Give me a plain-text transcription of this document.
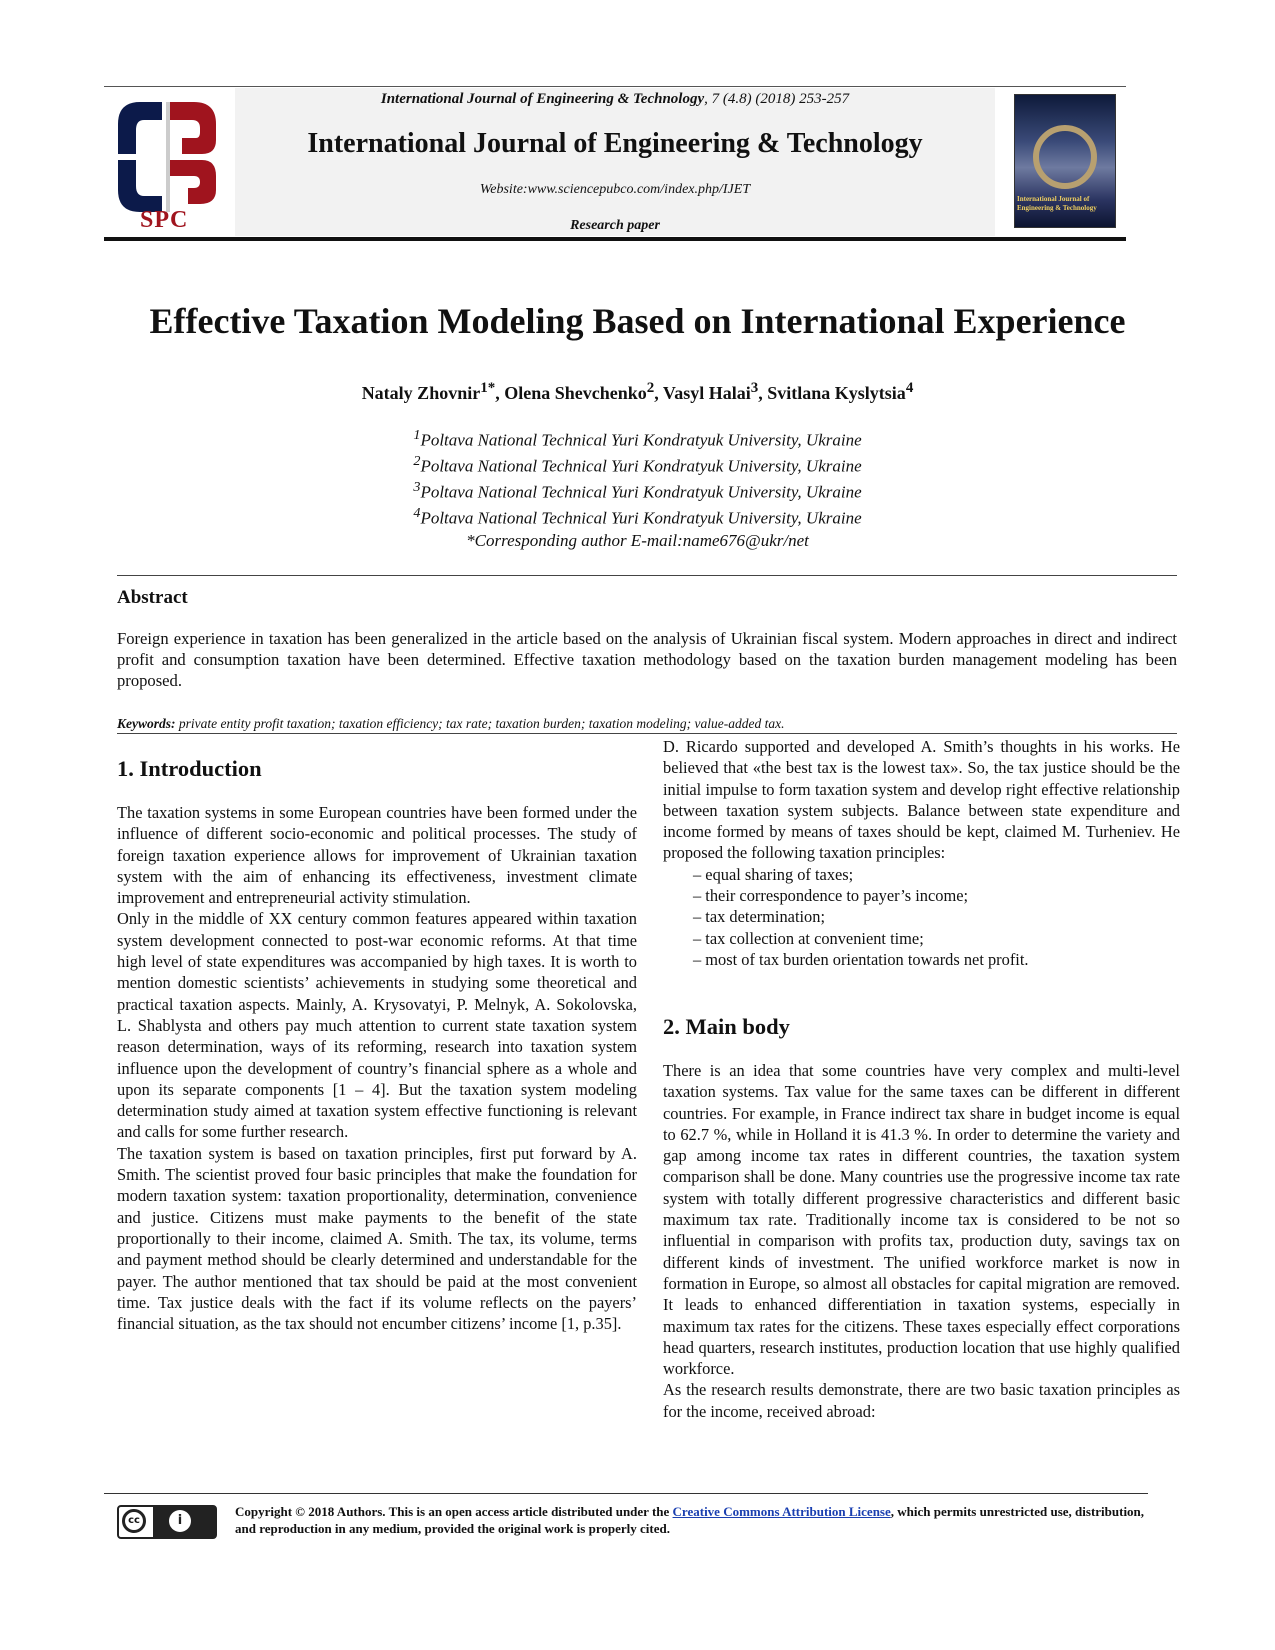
SPC
International Journal of Engineering & Technology, 7 (4.8) (2018) 253-257
International Journal of Engineering & Technology
Website:www.sciencepubco.com/index.php/IJET
Research paper
International Journal of Engineering & Technology
Effective Taxation Modeling Based on International Experience
Nataly Zhovnir$^{1*}$, Olena Shevchenko$^2$, Vasyl Halai$^3$, Svitlana Kyslytsia$^4$
$^1$Poltava National Technical Yuri Kondratyuk University, Ukraine
$^2$Poltava National Technical Yuri Kondratyuk University, Ukraine
$^3$Poltava National Technical Yuri Kondratyuk University, Ukraine
$^4$Poltava National Technical Yuri Kondratyuk University, Ukraine
*Corresponding author E-mail:name676@ukr/net
Abstract
Foreign experience in taxation has been generalized in the article based on the analysis of Ukrainian fiscal system. Modern approaches in direct and indirect profit and consumption taxation have been determined. Effective taxation methodology based on the taxation burden management modeling has been proposed.
Keywords: private entity profit taxation; taxation efficiency; tax rate; taxation burden; taxation modeling; value-added tax.
1. Introduction

The taxation systems in some European countries have been formed under the influence of different socio-economic and political processes. The study of foreign taxation experience allows for improvement of Ukrainian taxation system with the aim of enhancing its effectiveness, investment climate improvement and entrepreneurial activity stimulation.

Only in the middle of XX century common features appeared within taxation system development connected to post-war economic reforms. At that time high level of state expenditures was accompanied by high taxes. It is worth to mention domestic scientists’ achievements in studying some theoretical and practical taxation aspects. Mainly, A. Krysovatyi, P. Melnyk, A. Sokolovska, L. Shablysta and others pay much attention to current state taxation system reason determination, ways of its reforming, research into taxation system influence upon the development of country’s financial sphere as a whole and upon its separate components [1 – 4]. But the taxation system modeling determination study aimed at taxation system effective functioning is relevant and calls for some further research.

The taxation system is based on taxation principles, first put forward by A. Smith. The scientist proved four basic principles that make the foundation for modern taxation system: taxation proportionality, determination, convenience and justice. Citizens must make payments to the benefit of the state proportionally to their income, claimed A. Smith. The tax, its volume, terms and payment method should be clearly determined and understandable for the payer. The author mentioned that tax should be paid at the most convenient time. Tax justice deals with the fact if its volume reflects on the payers’ financial situation, as the tax should not encumber citizens’ income [1, p.35].

D. Ricardo supported and developed A. Smith’s thoughts in his works. He believed that «the best tax is the lowest tax». So, the tax justice should be the initial impulse to form taxation system and develop right effective relationship between taxation system subjects. Balance between state expenditure and income formed by means of taxes should be kept, claimed M. Turheniev. He proposed the following taxation principles:

– equal sharing of taxes;
– their correspondence to payer’s income;
– tax determination;
– tax collection at convenient time;
– most of tax burden orientation towards net profit.
2. Main body

There is an idea that some countries have very complex and multi-level taxation systems. Tax value for the same taxes can be different in different countries. For example, in France indirect tax share in budget income is equal to 62.7 %, while in Holland it is 41.3 %. In order to determine the variety and gap among income tax rates in different countries, the taxation system comparison shall be done. Many countries use the progressive income tax rate system with totally different progressive characteristics and different basic maximum tax rate. Traditionally income tax is considered to be not so influential in comparison with profits tax, production duty, savings tax on different kinds of investment. The unified workforce market is now in formation in Europe, so almost all obstacles for capital migration are removed. It leads to enhanced differentiation in taxation systems, especially in maximum tax rates for the citizens. These taxes especially effect corporations head quarters, research institutes, production location that use highly qualified workforce.

As the research results demonstrate, there are two basic taxation principles as for the income, received abroad:

cc	i
Copyright © 2018 Authors. This is an open access article distributed under the Creative Commons Attribution License, which permits unrestricted use, distribution, and reproduction in any medium, provided the original work is properly cited.
